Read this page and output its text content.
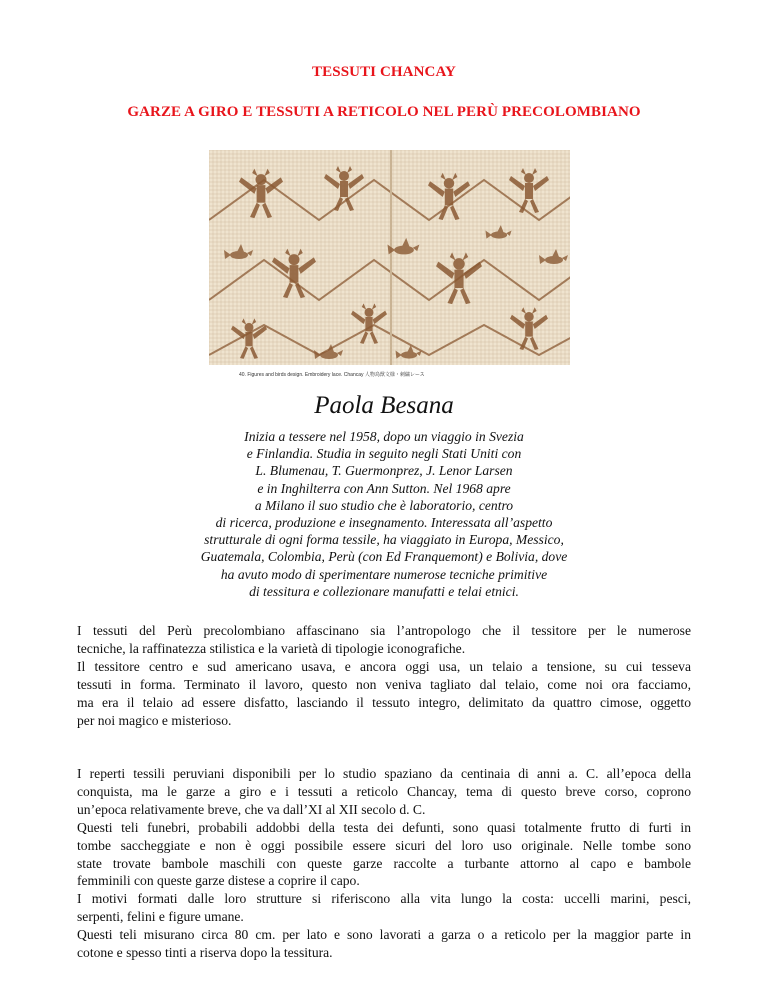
TESSUTI CHANCAY
GARZE A GIRO E TESSUTI A RETICOLO NEL PERÙ PRECOLOMBIANO
40. Figures and birds design. Embroidery lace. Chancay 人物鳥獣文様・刺繍レース
Paola Besana
Inizia a tessere nel 1958, dopo un viaggio in Svezia
e Finlandia. Studia in seguito negli Stati Uniti con
L. Blumenau, T. Guermonprez, J. Lenor Larsen
e in Inghilterra con Ann Sutton. Nel 1968 apre
a Milano il suo studio che è laboratorio, centro
di ricerca, produzione e insegnamento. Interessata all’aspetto
strutturale di ogni forma tessile, ha viaggiato in Europa, Messico,
Guatemala, Colombia, Perù (con Ed Franquemont) e Bolivia, dove
ha avuto modo di sperimentare numerose tecniche primitive
di tessitura e collezionare manufatti e telai etnici.
I tessuti del Perù precolombiano affascinano sia l’antropologo che il tessitore per le numerose
tecniche, la raffinatezza stilistica e la varietà di tipologie iconografiche.
Il tessitore centro e sud americano usava, e ancora oggi usa, un telaio a tensione, su cui tesseva
tessuti in forma. Terminato il lavoro, questo non veniva tagliato dal telaio, come noi ora facciamo,
ma era il telaio ad essere disfatto, lasciando il tessuto integro, delimitato da quattro cimose, oggetto
per noi magico e misterioso.
I reperti tessili peruviani disponibili per lo studio spaziano da centinaia di anni a. C. all’epoca della
conquista, ma le garze a giro e i tessuti a reticolo Chancay, tema di questo breve corso, coprono
un’epoca relativamente breve, che va dall’XI al XII secolo d. C.
Questi teli funebri, probabili addobbi della testa dei defunti, sono quasi totalmente frutto di furti in
tombe saccheggiate e non è oggi possibile essere sicuri del loro uso originale. Nelle tombe sono
state trovate bambole maschili con queste garze raccolte a turbante attorno al capo e bambole
femminili con queste garze distese a coprire il capo.
I motivi formati dalle loro strutture si riferiscono alla vita lungo la costa: uccelli marini, pesci,
serpenti, felini e figure umane.
Questi teli misurano circa 80 cm. per lato e sono lavorati a garza o a reticolo per la maggior parte in
cotone e spesso tinti a riserva dopo la tessitura.
